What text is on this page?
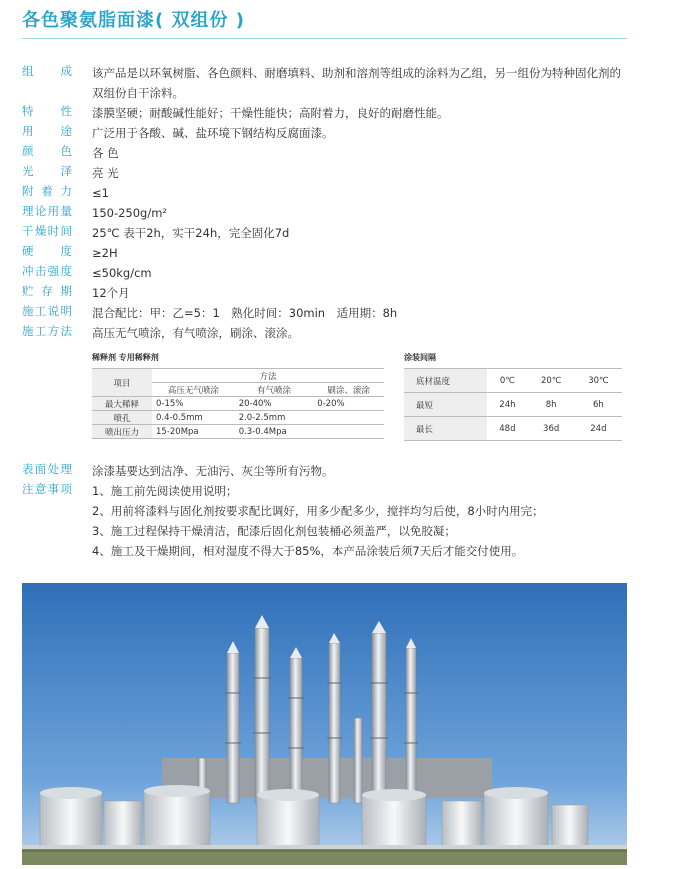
各色聚氨脂面漆( 双组份 )
组　成 该产品是以环氧树脂、各色颜料、耐磨填料、助剂和溶剂等组成的涂料为乙组，另一组份为特种固化剂的双组份自干涂料。
特　性 漆膜坚硬；耐酸碱性能好；干燥性能快；高附着力，良好的耐磨性能。
用　途 广泛用于各酸、碱、盐环境下钢结构反腐面漆。
颜　色 各 色
光　泽 亮 光
附着力 ≤1
理论用量 150-250g/m²
干燥时间 25℃ 表干2h，实干24h，完全固化7d
硬　度 ≥2H
冲击强度 ≤50kg/cm
贮存期 12个月
施工说明 混合配比：甲：乙=5：1　熟化时间：30min　适用期：8h
施工方法 高压无气喷涂，有气喷涂，刷涂、滚涂。
稀释剂 专用稀释剂
项目	方法		
	高压无气喷涂	有气喷涂	刷涂、滚涂
最大稀释	0-15%	20-40%	0-20%
喷孔	0.4-0.5mm	2.0-2.5mm	
喷出压力	15-20Mpa	0.3-0.4Mpa	
涂装间隔
底材温度	0℃	20℃	30℃
最短	24h	8h	6h
最长	48d	36d	24d
表面处理 涂漆基要达到洁净、无油污、灰尘等所有污物。
注意事项 1、施工前先阅读使用说明；
2、用前将漆料与固化剂按要求配比调好，用多少配多少，搅拌均匀后使，8小时内用完；
3、施工过程保持干燥清洁，配漆后固化剂包装桶必须盖严，以免胶凝；
4、施工及干燥期间，相对湿度不得大于85%，本产品涂装后须7天后才能交付使用。
